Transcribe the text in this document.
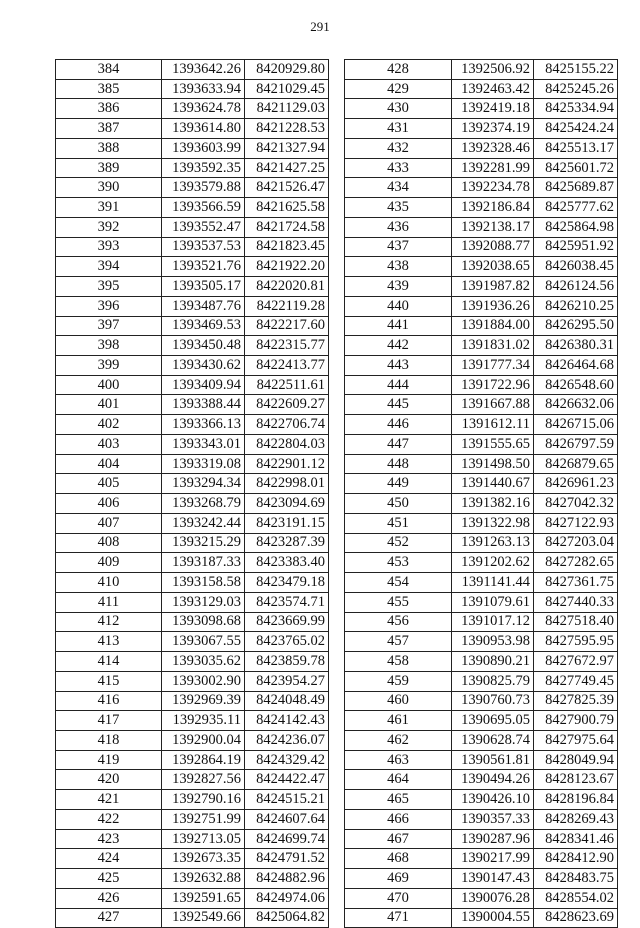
291
384	1393642.26	8420929.80
385	1393633.94	8421029.45
386	1393624.78	8421129.03
387	1393614.80	8421228.53
388	1393603.99	8421327.94
389	1393592.35	8421427.25
390	1393579.88	8421526.47
391	1393566.59	8421625.58
392	1393552.47	8421724.58
393	1393537.53	8421823.45
394	1393521.76	8421922.20
395	1393505.17	8422020.81
396	1393487.76	8422119.28
397	1393469.53	8422217.60
398	1393450.48	8422315.77
399	1393430.62	8422413.77
400	1393409.94	8422511.61
401	1393388.44	8422609.27
402	1393366.13	8422706.74
403	1393343.01	8422804.03
404	1393319.08	8422901.12
405	1393294.34	8422998.01
406	1393268.79	8423094.69
407	1393242.44	8423191.15
408	1393215.29	8423287.39
409	1393187.33	8423383.40
410	1393158.58	8423479.18
411	1393129.03	8423574.71
412	1393098.68	8423669.99
413	1393067.55	8423765.02
414	1393035.62	8423859.78
415	1393002.90	8423954.27
416	1392969.39	8424048.49
417	1392935.11	8424142.43
418	1392900.04	8424236.07
419	1392864.19	8424329.42
420	1392827.56	8424422.47
421	1392790.16	8424515.21
422	1392751.99	8424607.64
423	1392713.05	8424699.74
424	1392673.35	8424791.52
425	1392632.88	8424882.96
426	1392591.65	8424974.06
427	1392549.66	8425064.82
428	1392506.92	8425155.22
429	1392463.42	8425245.26
430	1392419.18	8425334.94
431	1392374.19	8425424.24
432	1392328.46	8425513.17
433	1392281.99	8425601.72
434	1392234.78	8425689.87
435	1392186.84	8425777.62
436	1392138.17	8425864.98
437	1392088.77	8425951.92
438	1392038.65	8426038.45
439	1391987.82	8426124.56
440	1391936.26	8426210.25
441	1391884.00	8426295.50
442	1391831.02	8426380.31
443	1391777.34	8426464.68
444	1391722.96	8426548.60
445	1391667.88	8426632.06
446	1391612.11	8426715.06
447	1391555.65	8426797.59
448	1391498.50	8426879.65
449	1391440.67	8426961.23
450	1391382.16	8427042.32
451	1391322.98	8427122.93
452	1391263.13	8427203.04
453	1391202.62	8427282.65
454	1391141.44	8427361.75
455	1391079.61	8427440.33
456	1391017.12	8427518.40
457	1390953.98	8427595.95
458	1390890.21	8427672.97
459	1390825.79	8427749.45
460	1390760.73	8427825.39
461	1390695.05	8427900.79
462	1390628.74	8427975.64
463	1390561.81	8428049.94
464	1390494.26	8428123.67
465	1390426.10	8428196.84
466	1390357.33	8428269.43
467	1390287.96	8428341.46
468	1390217.99	8428412.90
469	1390147.43	8428483.75
470	1390076.28	8428554.02
471	1390004.55	8428623.69
